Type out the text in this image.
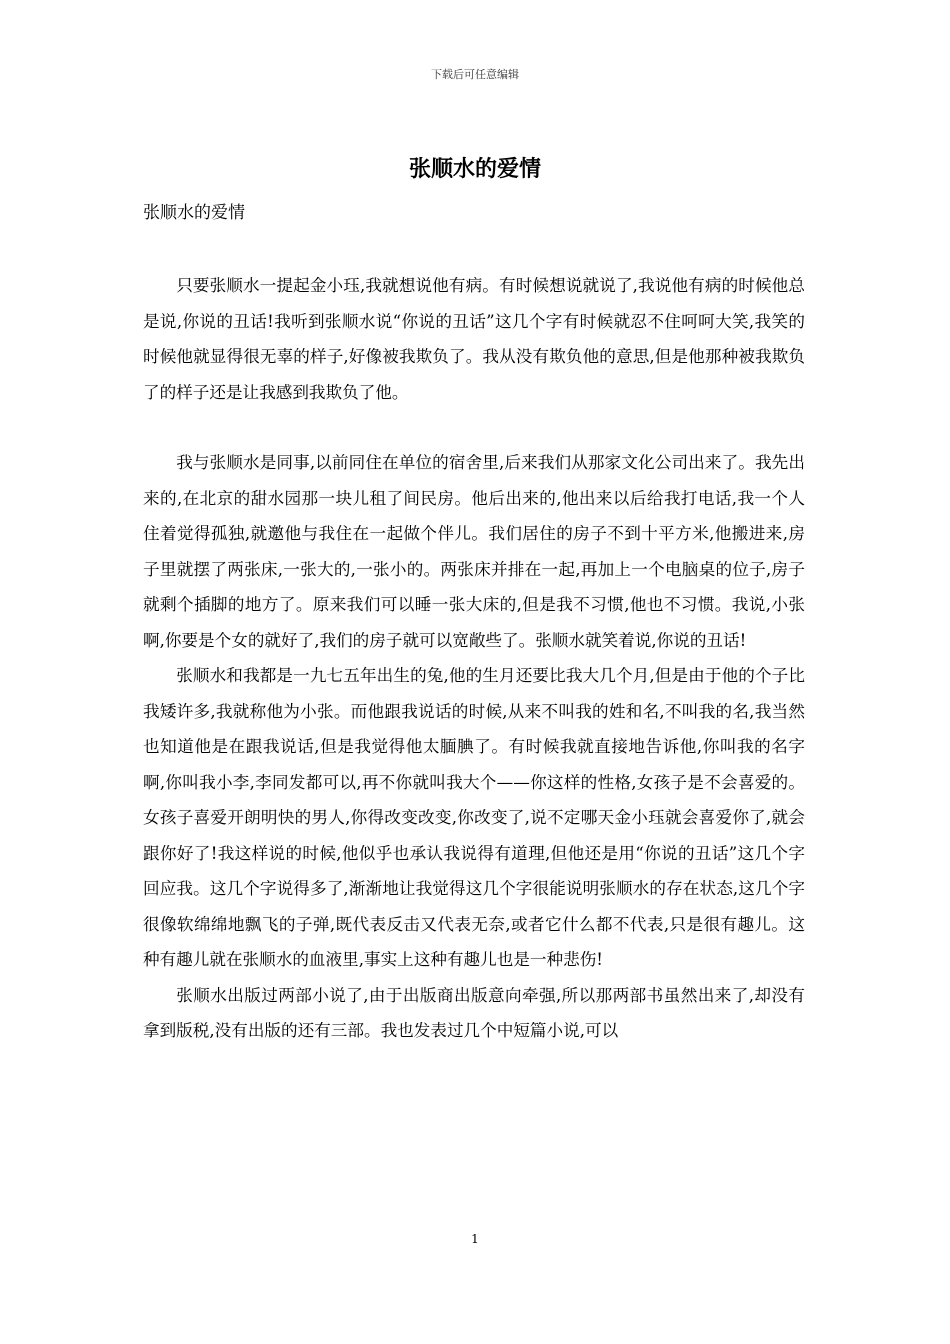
下载后可任意编辑
张顺水的爱情

张顺水的爱情

只要张顺水一提起金小珏,我就想说他有病。有时候想说就说了,我说他有病的时候他总是说,你说的丑话!我听到张顺水说“你说的丑话”这几个字有时候就忍不住呵呵大笑,我笑的时候他就显得很无辜的样子,好像被我欺负了。我从没有欺负他的意思,但是他那种被我欺负了的样子还是让我感到我欺负了他。

我与张顺水是同事,以前同住在单位的宿舍里,后来我们从那家文化公司出来了。我先出来的,在北京的甜水园那一块儿租了间民房。他后出来的,他出来以后给我打电话,我一个人住着觉得孤独,就邀他与我住在一起做个伴儿。我们居住的房子不到十平方米,他搬进来,房子里就摆了两张床,一张大的,一张小的。两张床并排在一起,再加上一个电脑桌的位子,房子就剩个插脚的地方了。原来我们可以睡一张大床的,但是我不习惯,他也不习惯。我说,小张啊,你要是个女的就好了,我们的房子就可以宽敞些了。张顺水就笑着说,你说的丑话!

张顺水和我都是一九七五年出生的兔,他的生月还要比我大几个月,但是由于他的个子比我矮许多,我就称他为小张。而他跟我说话的时候,从来不叫我的姓和名,不叫我的名,我当然也知道他是在跟我说话,但是我觉得他太腼腆了。有时候我就直接地告诉他,你叫我的名字啊,你叫我小李,李同发都可以,再不你就叫我大个——你这样的性格,女孩子是不会喜爱的。女孩子喜爱开朗明快的男人,你得改变改变,你改变了,说不定哪天金小珏就会喜爱你了,就会跟你好了!我这样说的时候,他似乎也承认我说得有道理,但他还是用“你说的丑话”这几个字回应我。这几个字说得多了,渐渐地让我觉得这几个字很能说明张顺水的存在状态,这几个字很像软绵绵地飘飞的子弹,既代表反击又代表无奈,或者它什么都不代表,只是很有趣儿。这种有趣儿就在张顺水的血液里,事实上这种有趣儿也是一种悲伤!

张顺水出版过两部小说了,由于出版商出版意向牵强,所以那两部书虽然出来了,却没有拿到版税,没有出版的还有三部。我也发表过几个中短篇小说,可以

1
